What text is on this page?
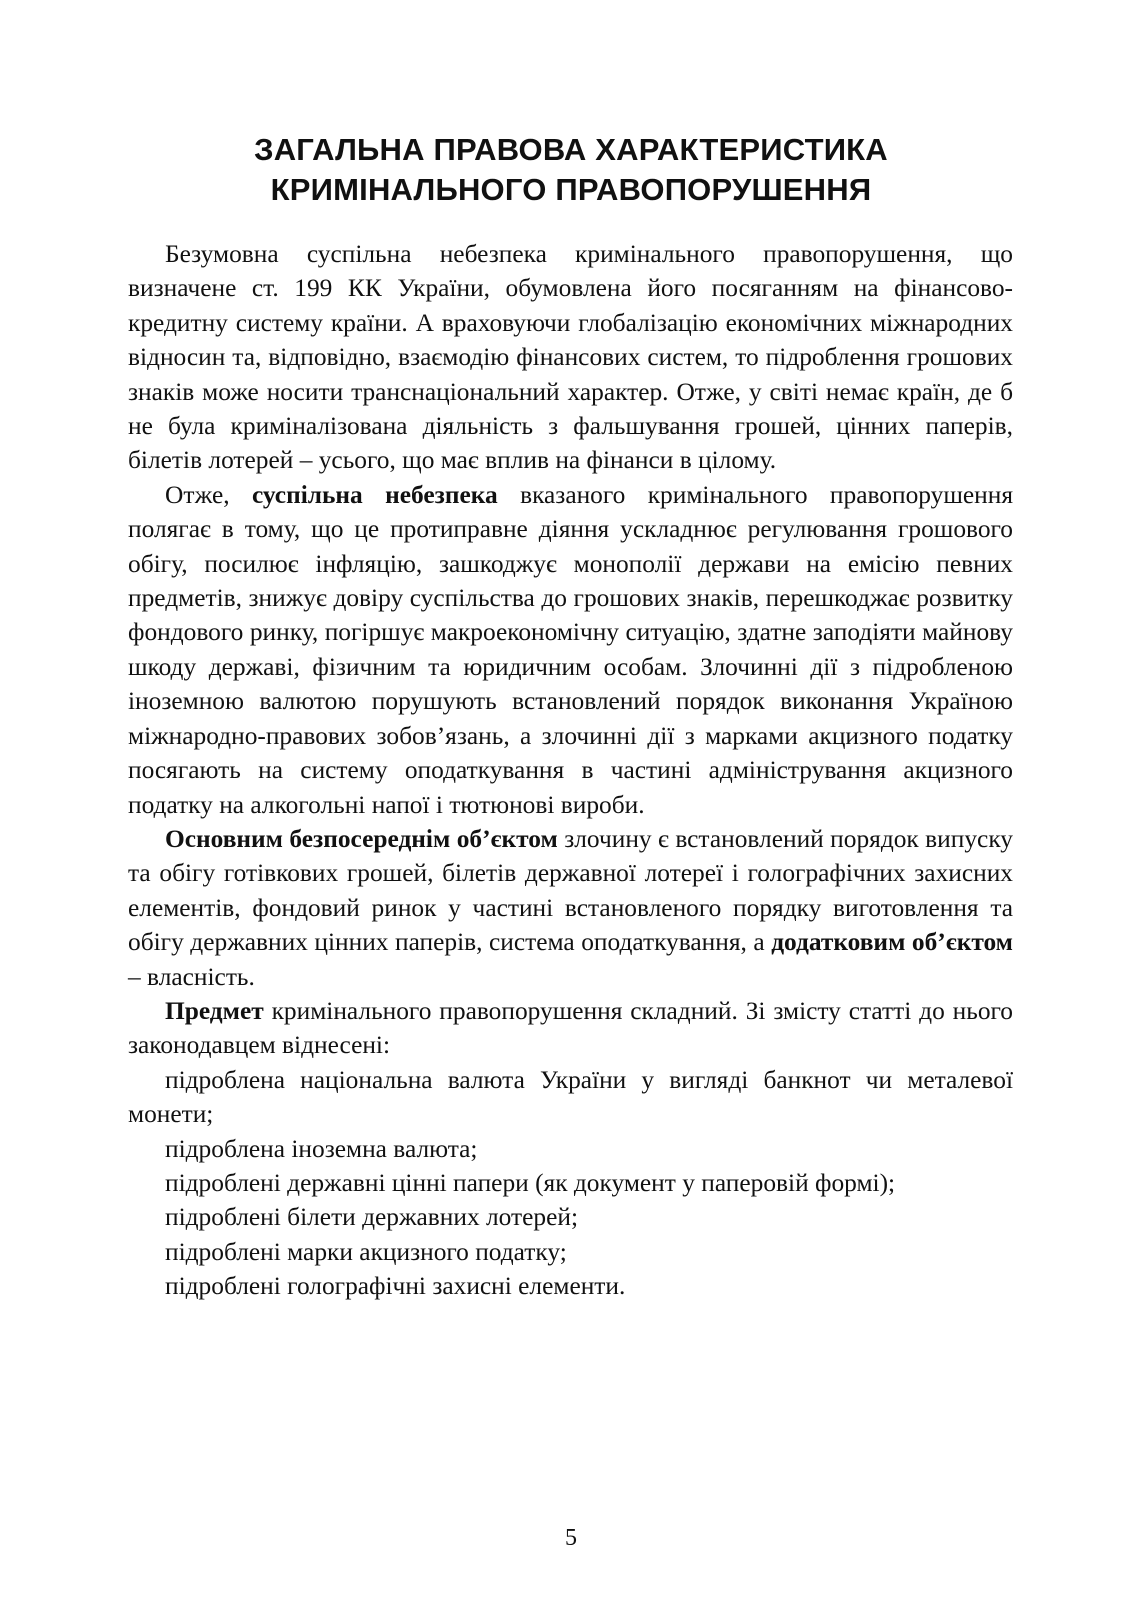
ЗАГАЛЬНА ПРАВОВА ХАРАКТЕРИСТИКА
КРИМІНАЛЬНОГО ПРАВОПОРУШЕННЯ

Безумовна суспільна небезпека кримінального правопорушення, що визначене ст. 199 КК України, обумовлена його посяганням на фінансово-кредитну систему країни. А враховуючи глобалізацію економічних міжнародних відносин та, відповідно, взаємодію фінансових систем, то підроблення грошових знаків може носити транснаціональний характер. Отже, у світі немає країн, де б не була криміналізована діяльність з фальшування грошей, цінних паперів, білетів лотерей – усього, що має вплив на фінанси в цілому.

Отже, суспільна небезпека вказаного кримінального правопорушення полягає в тому, що це протиправне діяння ускладнює регулювання грошового обігу, посилює інфляцію, зашкоджує монополії держави на емісію певних предметів, знижує довіру суспільства до грошових знаків, перешкоджає розвитку фондового ринку, погіршує макроекономічну ситуацію, здатне заподіяти майнову шкоду державі, фізичним та юридичним особам. Злочинні дії з підробленою іноземною валютою порушують встановлений порядок виконання Україною міжнародно-правових зобов’язань, а злочинні дії з марками акцизного податку посягають на систему оподаткування в частині адміністрування акцизного податку на алкогольні напої і тютюнові вироби.

Основним безпосереднім об’єктом злочину є встановлений порядок випуску та обігу готівкових грошей, білетів державної лотереї і голографічних захисних елементів, фондовий ринок у частині встановленого порядку виготовлення та обігу державних цінних паперів, система оподаткування, а додатковим об’єктом – власність.

Предмет кримінального правопорушення складний. Зі змісту статті до нього законодавцем віднесені:

підроблена національна валюта України у вигляді банкнот чи металевої монети;

підроблена іноземна валюта;

підроблені державні цінні папери (як документ у паперовій формі);

підроблені білети державних лотерей;

підроблені марки акцизного податку;

підроблені голографічні захисні елементи.

5
